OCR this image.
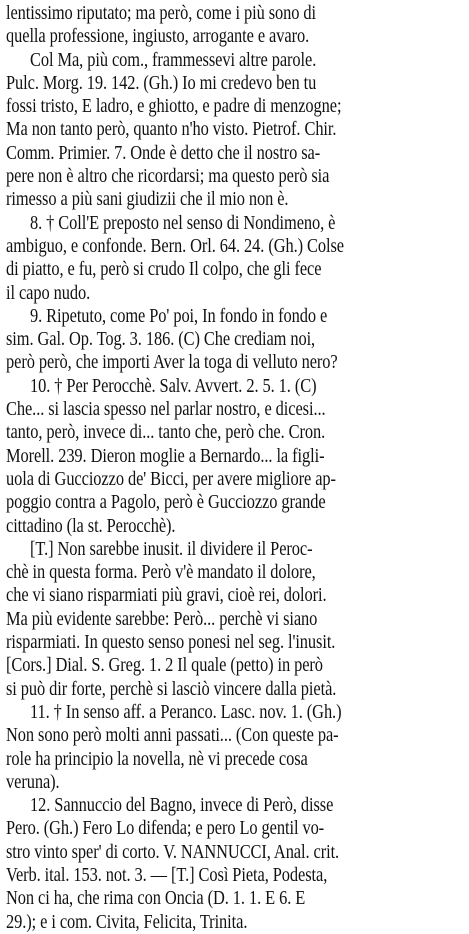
lentissimo riputato; ma però, come i più sono di
quella professione, ingiusto, arrogante e avaro.
Col Ma, più com., frammessevi altre parole.
Pulc. Morg. 19. 142. (Gh.) Io mi credevo ben tu
fossi tristo, E ladro, e ghiotto, e padre di menzogne;
Ma non tanto però, quanto n'ho visto. Pietrof. Chir.
Comm. Primier. 7. Onde è detto che il nostro sa-
pere non è altro che ricordarsi; ma questo però sia
rimesso a più sani giudizii che il mio non è.
8. † Coll'E preposto nel senso di Nondimeno, è
ambiguo, e confonde. Bern. Orl. 64. 24. (Gh.) Colse
di piatto, e fu, però si crudo Il colpo, che gli fece
il capo nudo.
9. Ripetuto, come Po' poi, In fondo in fondo e
sim. Gal. Op. Tog. 3. 186. (C) Che crediam noi,
però però, che importi Aver la toga di velluto nero?
10. † Per Perocchè. Salv. Avvert. 2. 5. 1. (C)
Che... si lascia spesso nel parlar nostro, e dicesi...
tanto, però, invece di... tanto che, però che. Cron.
Morell. 239. Dieron moglie a Bernardo... la figli-
uola di Gucciozzo de' Bicci, per avere migliore ap-
poggio contra a Pagolo, però è Gucciozzo grande
cittadino (la st. Perocchè).
[T.] Non sarebbe inusit. il dividere il Peroc-
chè in questa forma. Però v'è mandato il dolore,
che vi siano risparmiati più gravi, cioè rei, dolori.
Ma più evidente sarebbe: Però... perchè vi siano
risparmiati. In questo senso ponesi nel seg. l'inusit.
[Cors.] Dial. S. Greg. 1. 2 Il quale (petto) in però
si può dir forte, perchè si lasciò vincere dalla pietà.
11. † In senso aff. a Peranco. Lasc. nov. 1. (Gh.)
Non sono però molti anni passati... (Con queste pa-
role ha principio la novella, nè vi precede cosa
veruna).
12. Sannuccio del Bagno, invece di Però, disse
Pero. (Gh.) Fero Lo difenda; e pero Lo gentil vo-
stro vinto sper' di corto. V. NANNUCCI, Anal. crit.
Verb. ital. 153. not. 3. — [T.] Così Pieta, Podesta,
Non ci ha, che rima con Oncia (D. 1. 1. E 6. E
29.); e i com. Civita, Felicita, Trinita.
